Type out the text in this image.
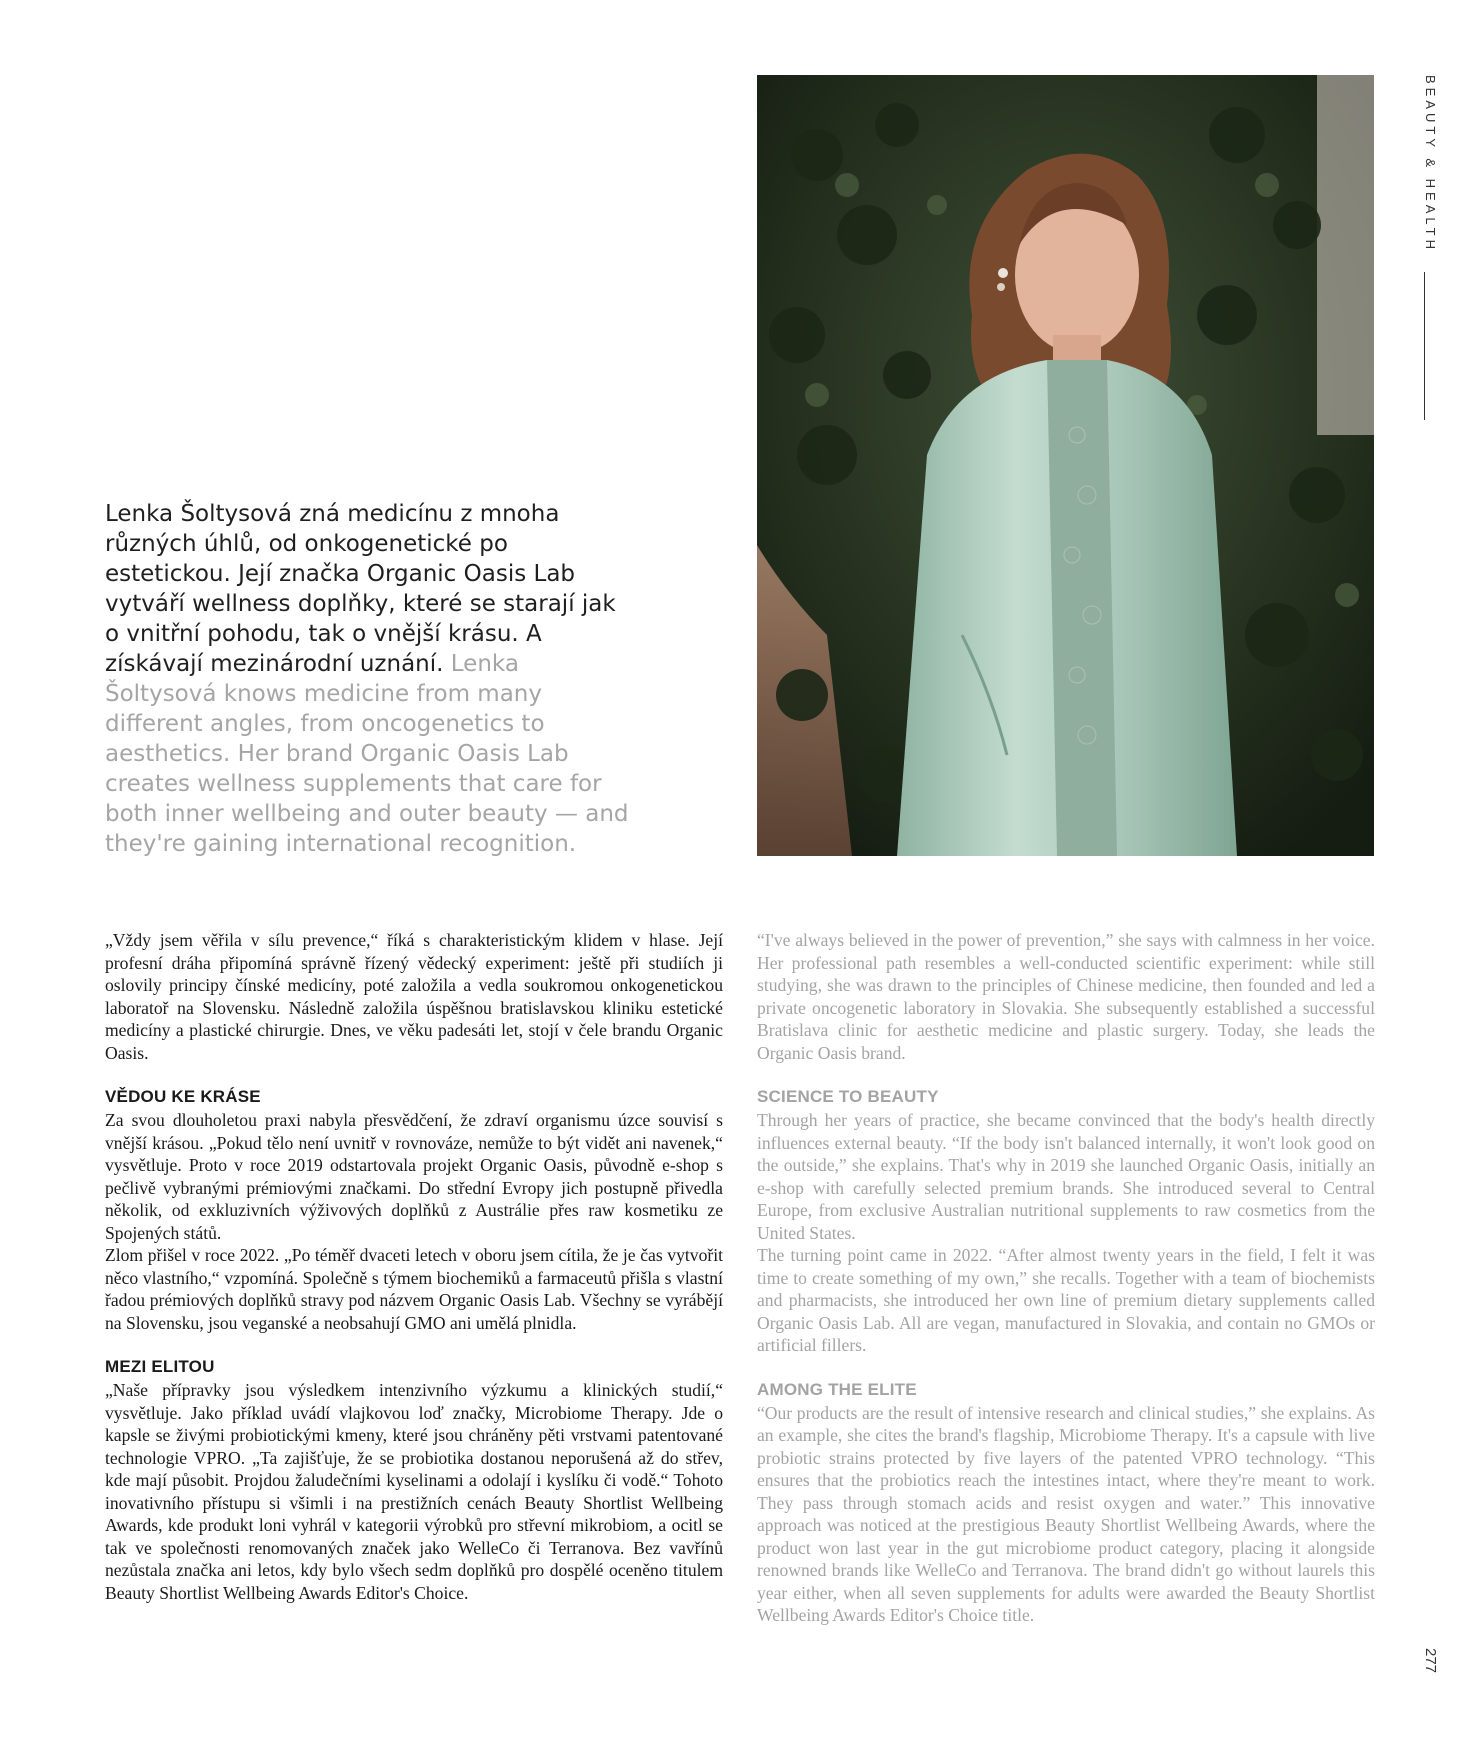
BEAUTY & HEALTH
Lenka Šoltysová zná medicínu z mnoha různých úhlů, od onkogenetické po estetickou. Její značka Organic Oasis Lab vytváří wellness doplňky, které se starají jak o vnitřní pohodu, tak o vnější krásu. A získávají mezinárodní uznání. Lenka Šoltysová knows medicine from many different angles, from oncogenetics to aesthetics. Her brand Organic Oasis Lab creates wellness supplements that care for both inner wellbeing and outer beauty — and they're gaining international recognition.

„Vždy jsem věřila v sílu prevence,“ říká s charakteristickým klidem v hlase. Její profesní dráha připomíná správně řízený vědecký experiment: ještě při studiích ji oslovily principy čínské medicíny, poté založila a vedla soukromou onkogenetickou laboratoř na Slovensku. Následně založila úspěšnou bratislavskou kliniku estetické medicíny a plastické chirurgie. Dnes, ve věku padesáti let, stojí v čele brandu Organic Oasis.

VĚDOU KE KRÁSE

Za svou dlouholetou praxi nabyla přesvědčení, že zdraví organismu úzce souvisí s vnější krásou. „Pokud tělo není uvnitř v rovnováze, nemůže to být vidět ani navenek,“ vysvětluje. Proto v roce 2019 odstartovala projekt Organic Oasis, původně e-shop s pečlivě vybranými prémiovými značkami. Do střední Evropy jich postupně přivedla několik, od exkluzivních výživových doplňků z Austrálie přes raw kosmetiku ze Spojených států.

Zlom přišel v roce 2022. „Po téměř dvaceti letech v oboru jsem cítila, že je čas vytvořit něco vlastního,“ vzpomíná. Společně s týmem biochemiků a farmaceutů přišla s vlastní řadou prémiových doplňků stravy pod názvem Organic Oasis Lab. Všechny se vyrábějí na Slovensku, jsou veganské a neobsahují GMO ani umělá plnidla.

MEZI ELITOU

„Naše přípravky jsou výsledkem intenzivního výzkumu a klinických studií,“ vysvětluje. Jako příklad uvádí vlajkovou loď značky, Microbiome Therapy. Jde o kapsle se živými probiotickými kmeny, které jsou chráněny pěti vrstvami patentované technologie VPRO. „Ta zajišťuje, že se probiotika dostanou neporušená až do střev, kde mají působit. Projdou žaludečními kyselinami a odolají i kyslíku či vodě.“ Tohoto inovativního přístupu si všimli i na prestižních cenách Beauty Shortlist Wellbeing Awards, kde produkt loni vyhrál v kategorii výrobků pro střevní mikrobiom, a ocitl se tak ve společnosti renomovaných značek jako WelleCo či Terranova. Bez vavřínů nezůstala značka ani letos, kdy bylo všech sedm doplňků pro dospělé oceněno titulem Beauty Shortlist Wellbeing Awards Editor's Choice.

“I've always believed in the power of prevention,” she says with calmness in her voice. Her professional path resembles a well-conducted scientific experiment: while still studying, she was drawn to the principles of Chinese medicine, then founded and led a private oncogenetic laboratory in Slovakia. She subsequently established a successful Bratislava clinic for aesthetic medicine and plastic surgery. Today, she leads the Organic Oasis brand.

SCIENCE TO BEAUTY

Through her years of practice, she became convinced that the body's health directly influences external beauty. “If the body isn't balanced internally, it won't look good on the outside,” she explains. That's why in 2019 she launched Organic Oasis, initially an e-shop with carefully selected premium brands. She introduced several to Central Europe, from exclusive Australian nutritional supplements to raw cosmetics from the United States.

The turning point came in 2022. “After almost twenty years in the field, I felt it was time to create something of my own,” she recalls. Together with a team of biochemists and pharmacists, she introduced her own line of premium dietary supplements called Organic Oasis Lab. All are vegan, manufactured in Slovakia, and contain no GMOs or artificial fillers.

AMONG THE ELITE

“Our products are the result of intensive research and clinical studies,” she explains. As an example, she cites the brand's flagship, Microbiome Therapy. It's a capsule with live probiotic strains protected by five layers of the patented VPRO technology. “This ensures that the probiotics reach the intestines intact, where they're meant to work. They pass through stomach acids and resist oxygen and water.” This innovative approach was noticed at the prestigious Beauty Shortlist Wellbeing Awards, where the product won last year in the gut microbiome product category, placing it alongside renowned brands like WelleCo and Terranova. The brand didn't go without laurels this year either, when all seven supplements for adults were awarded the Beauty Shortlist Wellbeing Awards Editor's Choice title.

277
